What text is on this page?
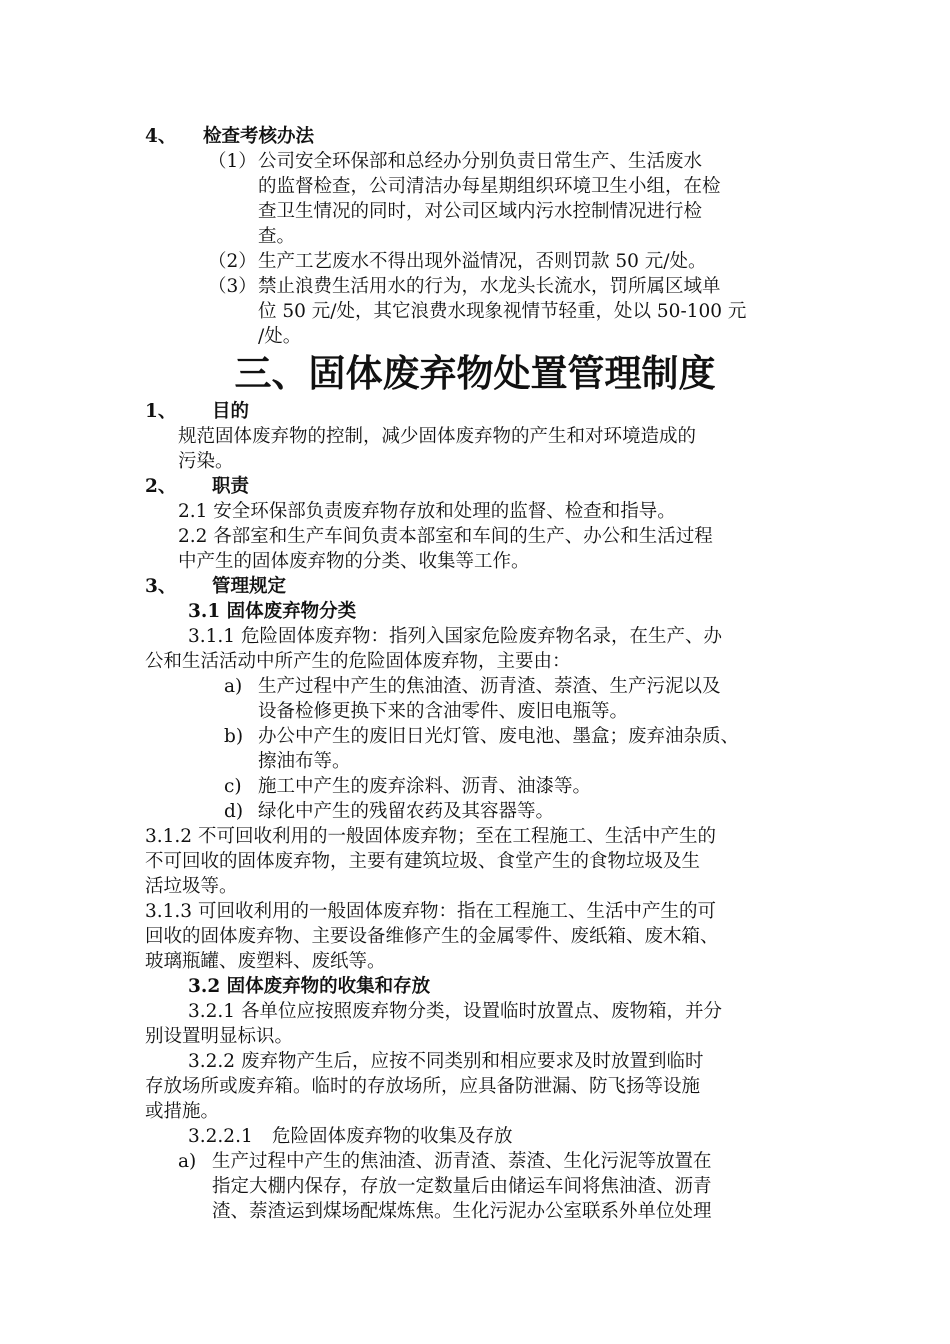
三、固体废弃物处置管理制度
4、 检查考核办法
（1） 公司安全环保部和总经办分别负责日常生产、生活废水
的监督检查，公司清洁办每星期组织环境卫生小组，在检
查卫生情况的同时，对公司区域内污水控制情况进行检
查。
（2） 生产工艺废水不得出现外溢情况，否则罚款 50 元/处。
（3） 禁止浪费生活用水的行为，水龙头长流水，罚所属区域单
位 50 元/处，其它浪费水现象视情节轻重，处以 50-100 元
/处。
1、 目的
规范固体废弃物的控制，减少固体废弃物的产生和对环境造成的
污染。
2、 职责
2.1 安全环保部负责废弃物存放和处理的监督、检查和指导。
2.2 各部室和生产车间负责本部室和车间的生产、办公和生活过程
中产生的固体废弃物的分类、收集等工作。
3、 管理规定
3.1 固体废弃物分类
3.1.1 危险固体废弃物：指列入国家危险废弃物名录，在生产、办
公和生活活动中所产生的危险固体废弃物，主要由：
a) 生产过程中产生的焦油渣、沥青渣、萘渣、生产污泥以及
设备检修更换下来的含油零件、废旧电瓶等。
b) 办公中产生的废旧日光灯管、废电池、墨盒；废弃油杂质、
擦油布等。
c) 施工中产生的废弃涂料、沥青、油漆等。
d) 绿化中产生的残留农药及其容器等。
3.1.2 不可回收利用的一般固体废弃物；至在工程施工、生活中产生的
不可回收的固体废弃物，主要有建筑垃圾、食堂产生的食物垃圾及生
活垃圾等。
3.1.3 可回收利用的一般固体废弃物：指在工程施工、生活中产生的可
回收的固体废弃物、主要设备维修产生的金属零件、废纸箱、废木箱、
玻璃瓶罐、废塑料、废纸等。
3.2 固体废弃物的收集和存放
3.2.1 各单位应按照废弃物分类，设置临时放置点、废物箱，并分
别设置明显标识。
3.2.2 废弃物产生后，应按不同类别和相应要求及时放置到临时
存放场所或废弃箱。临时的存放场所，应具备防泄漏、防飞扬等设施
或措施。
3.2.2.1 危险固体废弃物的收集及存放
a) 生产过程中产生的焦油渣、沥青渣、萘渣、生化污泥等放置在
指定大棚内保存，存放一定数量后由储运车间将焦油渣、沥青
渣、萘渣运到煤场配煤炼焦。生化污泥办公室联系外单位处理
